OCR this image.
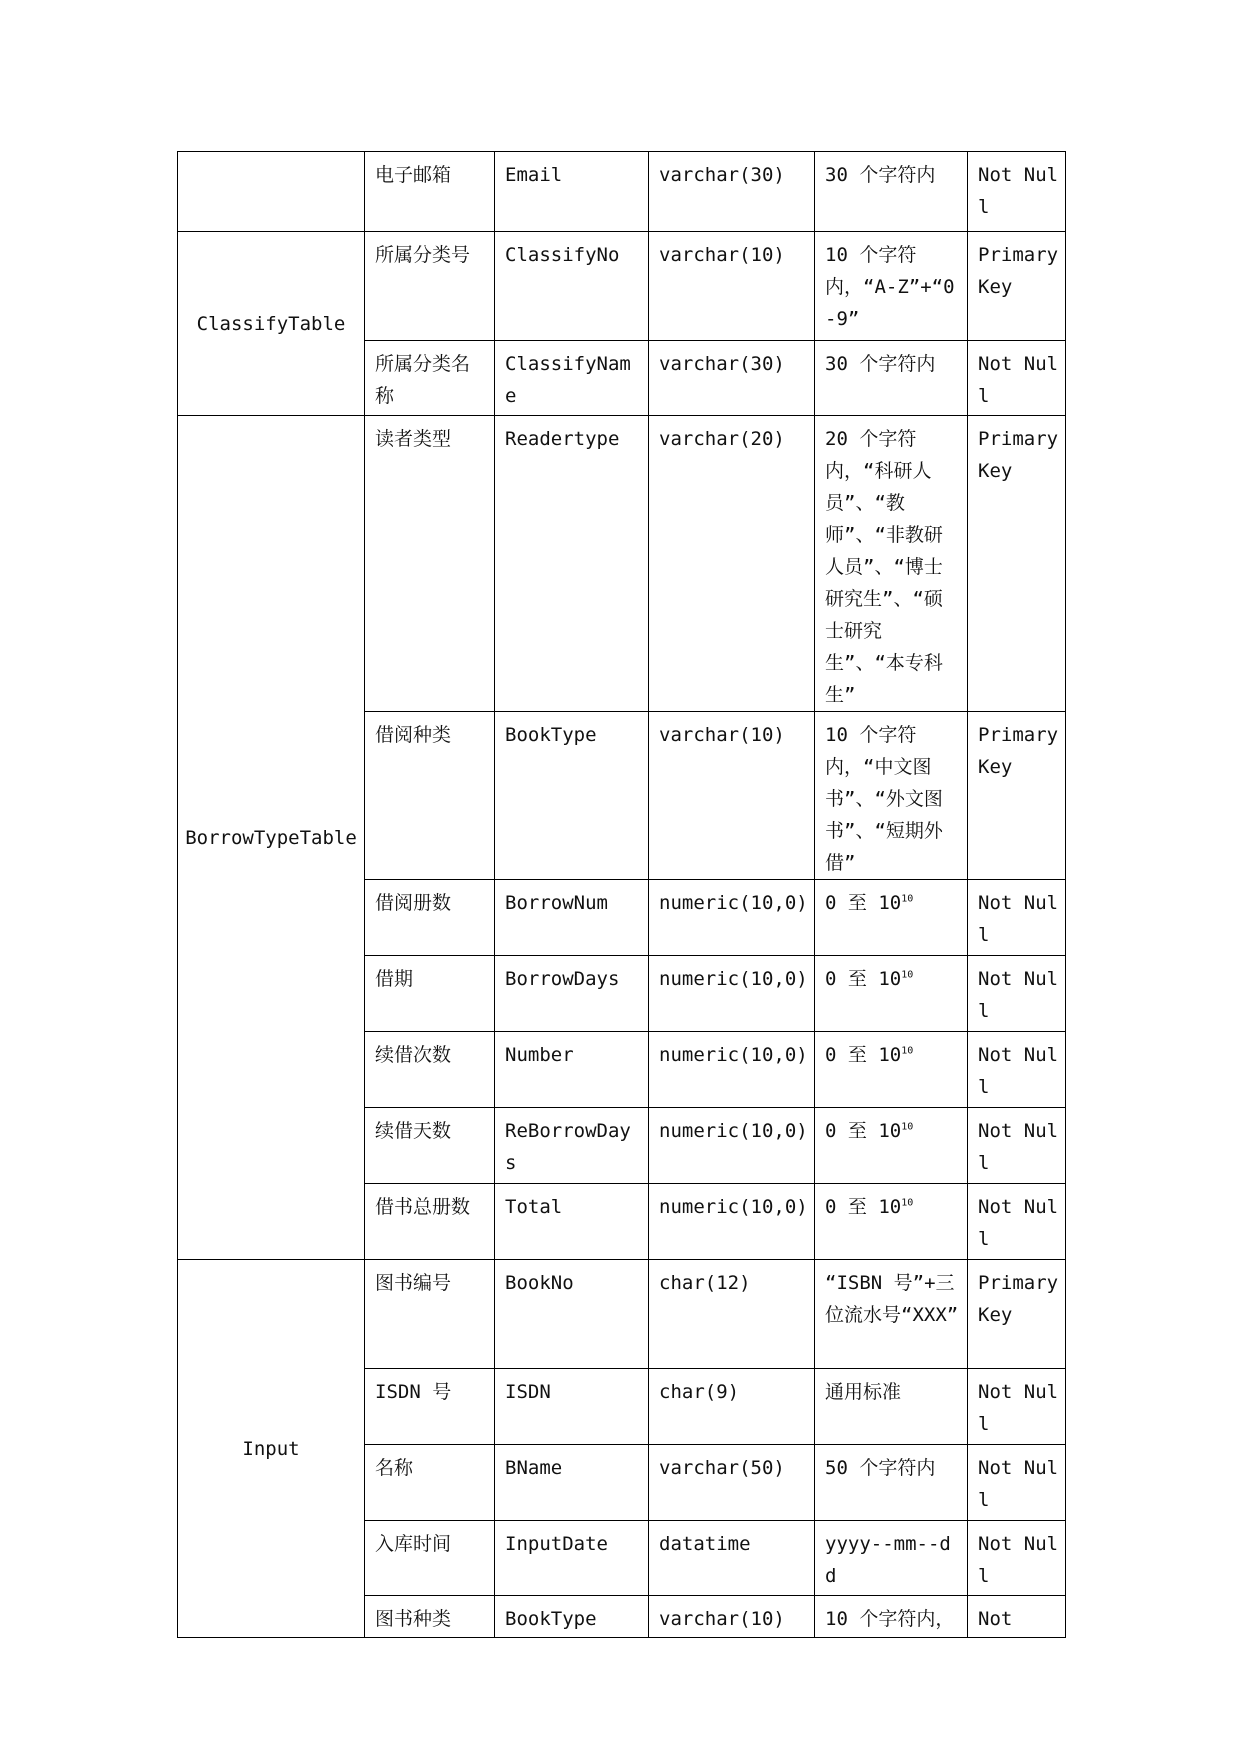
	电子邮箱	Email	varchar(30)	30 个字符内	Not Null

ClassifyTable	所属分类号	ClassifyNo	varchar(10)	10 个字符内，“A-Z”+“0-9”	Primary Key

	所属分类名称	ClassifyName	varchar(30)	30 个字符内	Not Null

BorrowTypeTable	读者类型	Readertype	varchar(20)	20 个字符内，“科研人员”、“教师”、“非教研人员”、“博士研究生”、“硕士研究生”、“本专科生”	Primary Key

	借阅种类	BookType	varchar(10)	10 个字符内，“中文图书”、“外文图书”、“短期外借”	Primary Key

	借阅册数	BorrowNum	numeric(10,0)	0 至 $10^{10}$	Not Null

	借期	BorrowDays	numeric(10,0)	0 至 $10^{10}$	Not Null

	续借次数	Number	numeric(10,0)	0 至 $10^{10}$	Not Null

	续借天数	ReBorrowDays	numeric(10,0)	0 至 $10^{10}$	Not Null

	借书总册数	Total	numeric(10,0)	0 至 $10^{10}$	Not Null

Input	图书编号	BookNo	char(12)	“ISBN 号”+三位流水号“XXX”	Primary Key

	ISDN 号	ISDN	char(9)	通用标准	Not Null

	名称	BName	varchar(50)	50 个字符内	Not Null

	入库时间	InputDate	datatime	yyyy--mm--dd	Not Null

	图书种类	BookType	varchar(10)	10 个字符内，	Not
